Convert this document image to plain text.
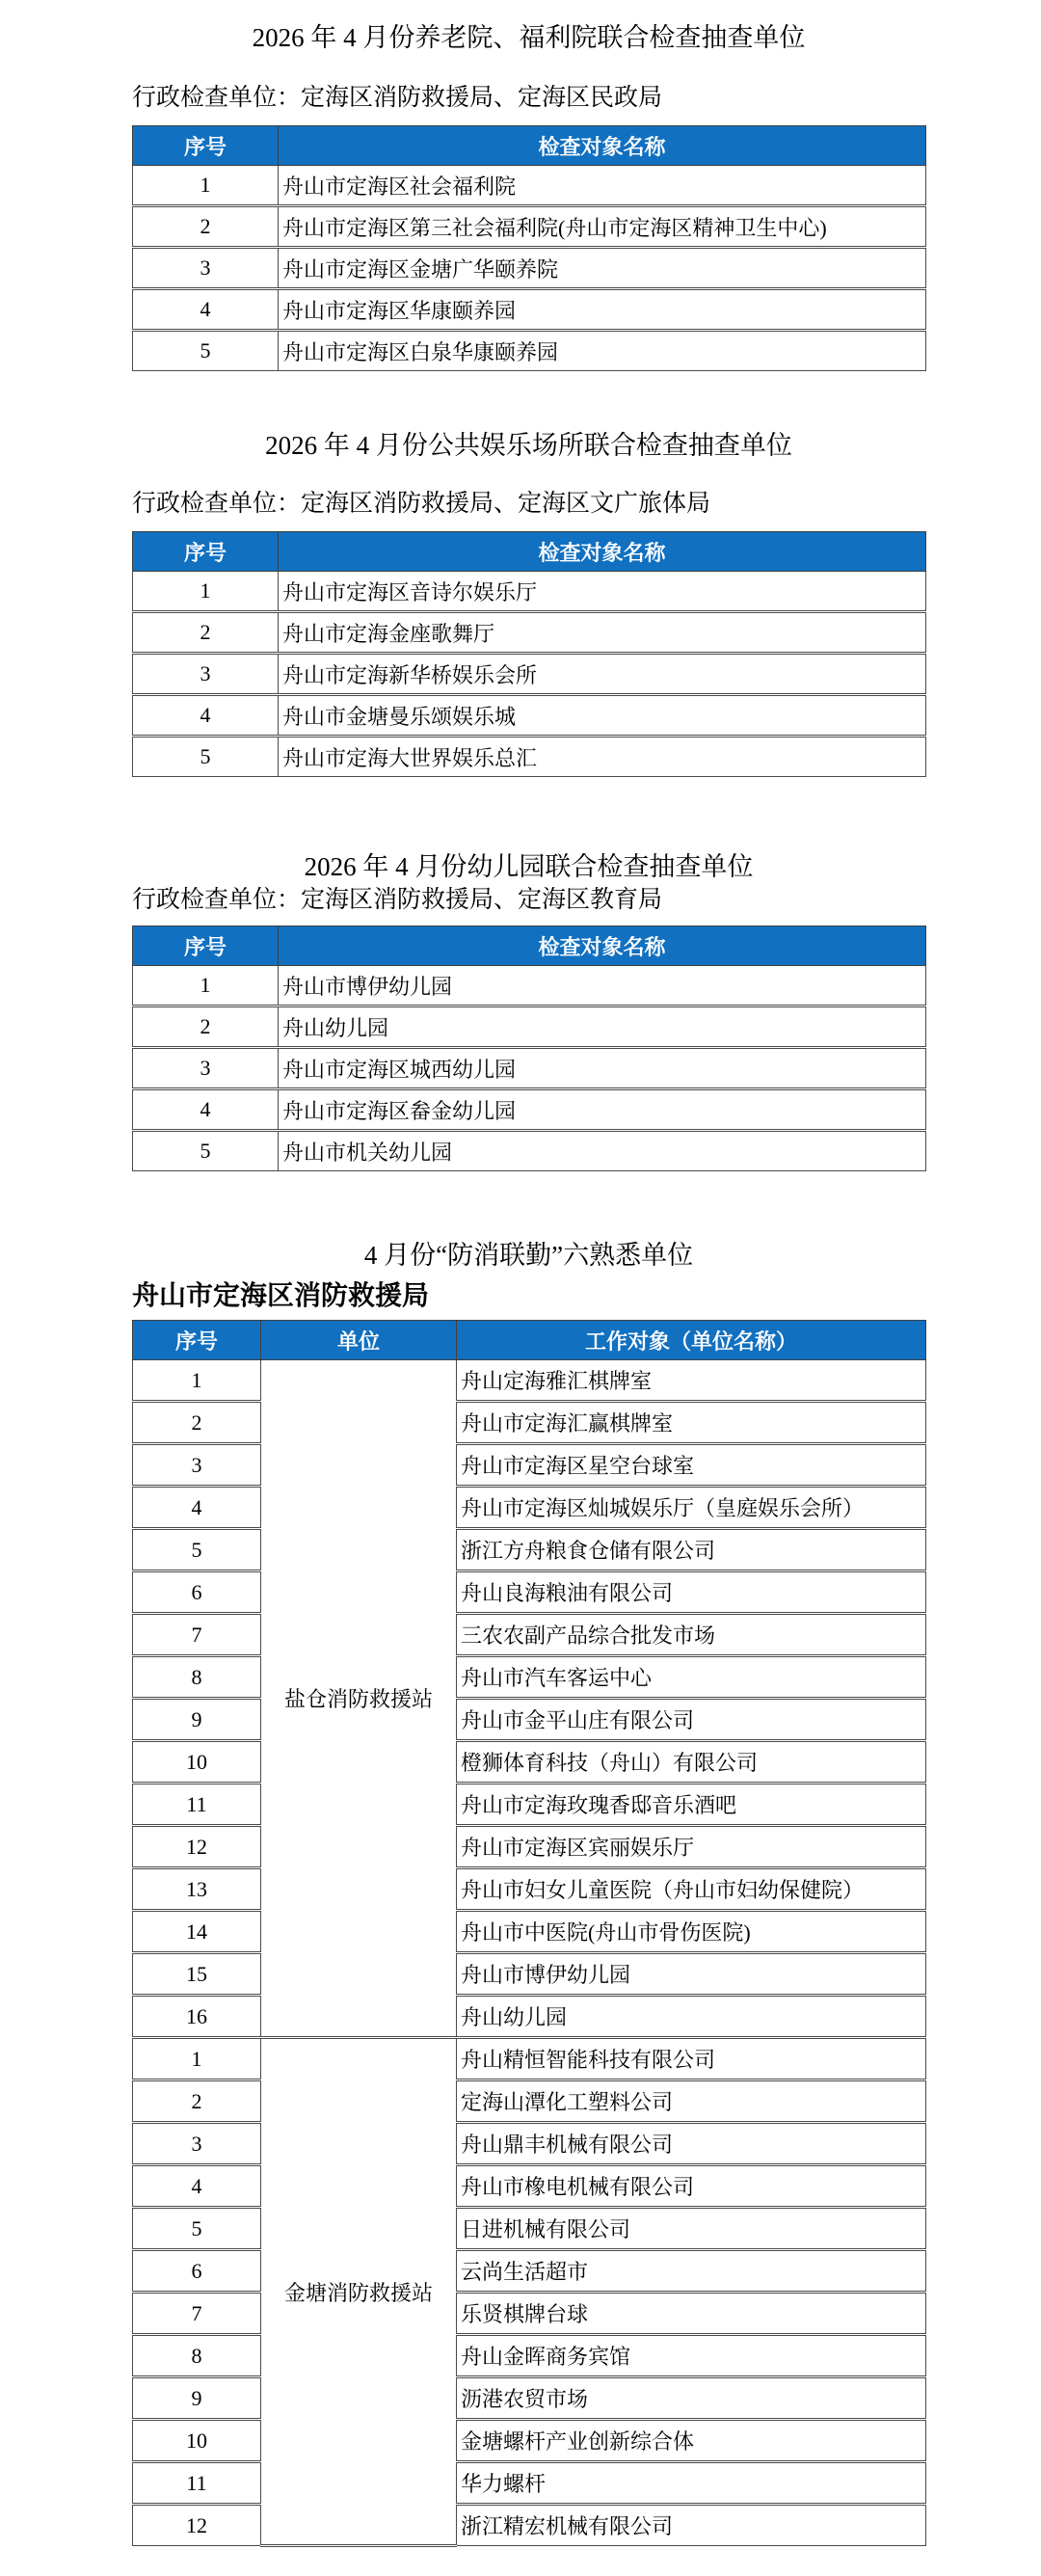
2026 年 4 月份养老院、福利院联合检查抽查单位

行政检查单位：定海区消防救援局、定海区民政局

序号	检查对象名称
1	舟山市定海区社会福利院
2	舟山市定海区第三社会福利院(舟山市定海区精神卫生中心)
3	舟山市定海区金塘广华颐养院
4	舟山市定海区华康颐养园
5	舟山市定海区白泉华康颐养园
2026 年 4 月份公共娱乐场所联合检查抽查单位

行政检查单位：定海区消防救援局、定海区文广旅体局

序号	检查对象名称
1	舟山市定海区音诗尔娱乐厅
2	舟山市定海金座歌舞厅
3	舟山市定海新华桥娱乐会所
4	舟山市金塘曼乐颂娱乐城
5	舟山市定海大世界娱乐总汇
2026 年 4 月份幼儿园联合检查抽查单位

行政检查单位：定海区消防救援局、定海区教育局

序号	检查对象名称
1	舟山市博伊幼儿园
2	舟山幼儿园
3	舟山市定海区城西幼儿园
4	舟山市定海区畚金幼儿园
5	舟山市机关幼儿园
4 月份“防消联勤”六熟悉单位

舟山市定海区消防救援局

序号	单位	工作对象（单位名称）
1	盐仓消防救援站	舟山定海雅汇棋牌室
2		舟山市定海汇赢棋牌室
3		舟山市定海区星空台球室
4		舟山市定海区灿城娱乐厅（皇庭娱乐会所）
5		浙江方舟粮食仓储有限公司
6		舟山良海粮油有限公司
7		三农农副产品综合批发市场
8		舟山市汽车客运中心
9		舟山市金平山庄有限公司
10		橙狮体育科技（舟山）有限公司
11		舟山市定海玫瑰香邸音乐酒吧
12		舟山市定海区宾丽娱乐厅
13		舟山市妇女儿童医院（舟山市妇幼保健院）
14		舟山市中医院(舟山市骨伤医院)
15		舟山市博伊幼儿园
16		舟山幼儿园
1	金塘消防救援站	舟山精恒智能科技有限公司
2		定海山潭化工塑料公司
3		舟山鼎丰机械有限公司
4		舟山市橡电机械有限公司
5		日进机械有限公司
6		云尚生活超市
7		乐贤棋牌台球
8		舟山金晖商务宾馆
9		沥港农贸市场
10		金塘螺杆产业创新综合体
11		华力螺杆
12		浙江精宏机械有限公司
